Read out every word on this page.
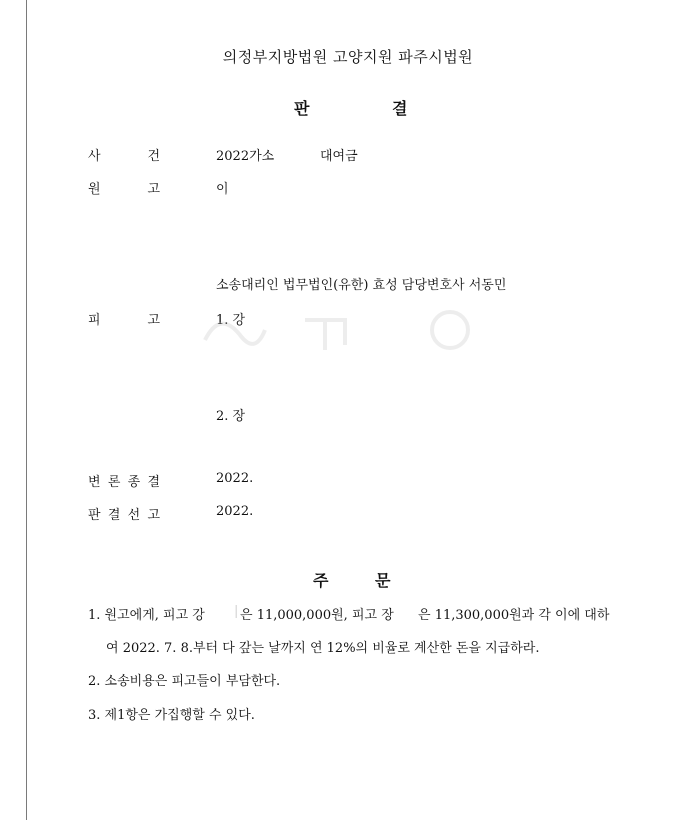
의정부지방법원 고양지원 파주시법원
판	결
사	건	2022가소	대여금
원	고	이
소송대리인 법무법인(유한) 효성 담당변호사 서동민
피	고	1. 강
2. 장
변 론 종 결	2022.
판 결 선 고	2022.
주	문
1. 원고에게, 피고 강 | 은 11,000,000원, 피고 장 은 11,300,000원과 각 이에 대하
여 2022. 7. 8.부터 다 갚는 날까지 연 12%의 비율로 계산한 돈을 지급하라.
2. 소송비용은 피고들이 부담한다.
3. 제1항은 가집행할 수 있다.
